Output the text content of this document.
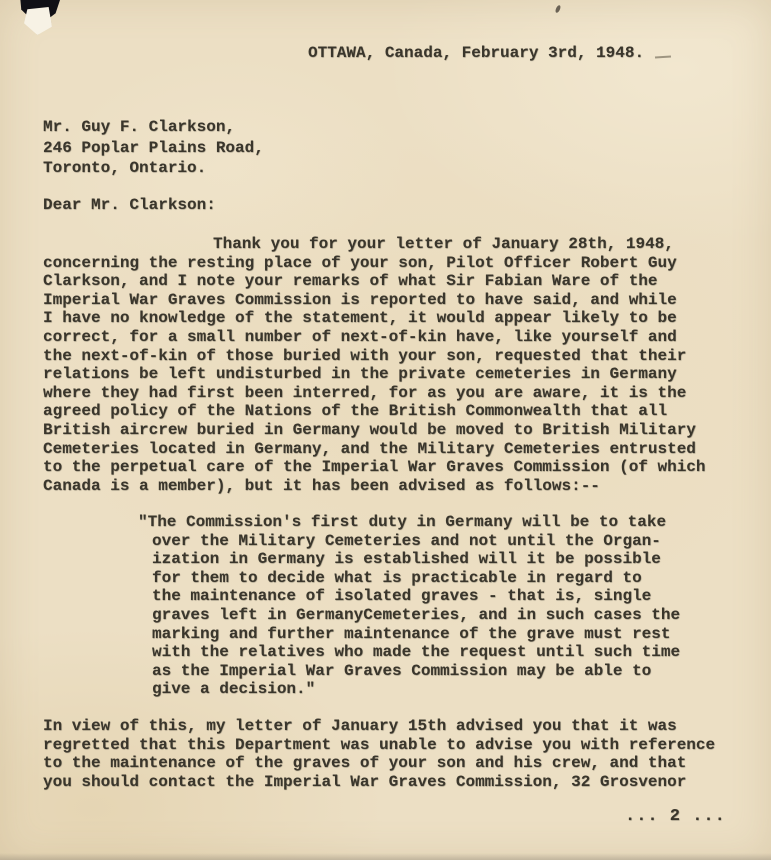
OTTAWA, Canada, February 3rd, 1948.
Mr. Guy F. Clarkson,
246 Poplar Plains Road,
Toronto, Ontario.
Dear Mr. Clarkson:
Thank you for your letter of January 28th, 1948,
concerning the resting place of your son, Pilot Officer Robert Guy
Clarkson, and I note your remarks of what Sir Fabian Ware of the
Imperial War Graves Commission is reported to have said, and while
I have no knowledge of the statement, it would appear likely to be
correct, for a small number of next-of-kin have, like yourself and
the next-of-kin of those buried with your son, requested that their
relations be left undisturbed in the private cemeteries in Germany
where they had first been interred, for as you are aware, it is the
agreed policy of the Nations of the British Commonwealth that all
British aircrew buried in Germany would be moved to British Military
Cemeteries located in Germany, and the Military Cemeteries entrusted
to the perpetual care of the Imperial War Graves Commission (of which
Canada is a member), but it has been advised as follows:--
"The Commission's first duty in Germany will be to take
over the Military Cemeteries and not until the Organ-
ization in Germany is established will it be possible
for them to decide what is practicable in regard to
the maintenance of isolated graves - that is, single
graves left in GermanyCemeteries, and in such cases the
marking and further maintenance of the grave must rest
with the relatives who made the request until such time
as the Imperial War Graves Commission may be able to
give a decision."
In view of this, my letter of January 15th advised you that it was
regretted that this Department was unable to advise you with reference
to the maintenance of the graves of your son and his crew, and that
you should contact the Imperial War Graves Commission, 32 Grosvenor
... 2 ...
